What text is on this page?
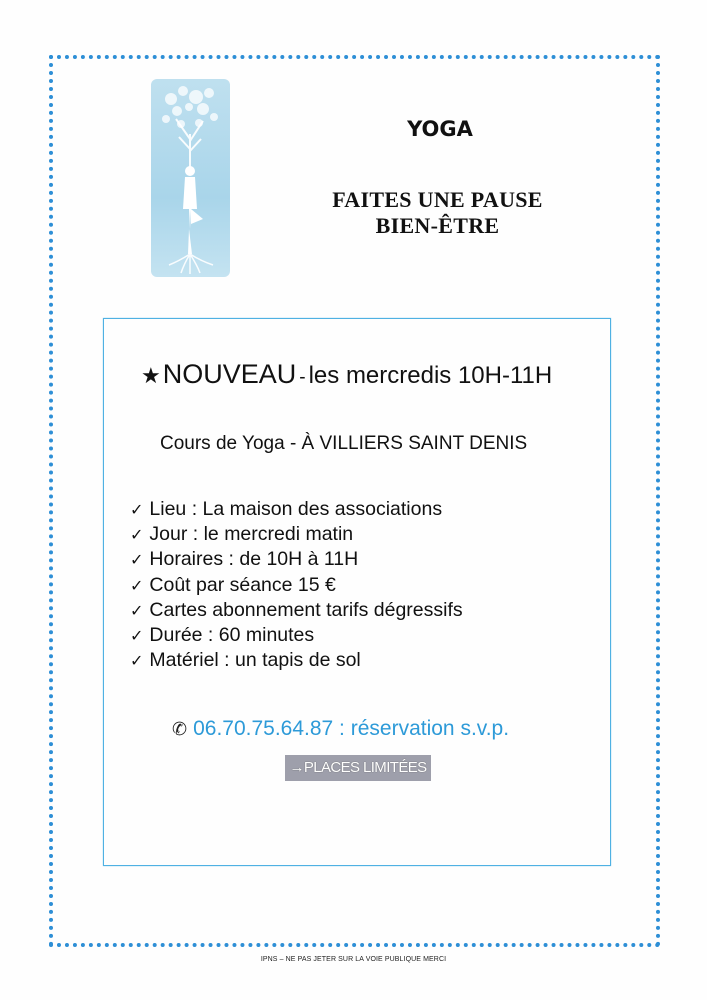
YOGA
FAITES UNE PAUSE
BIEN-ÊTRE
★NOUVEAU - les mercredis 10H-11H
Cours de Yoga - À VILLIERS SAINT DENIS
✓ Lieu : La maison des associations
✓ Jour : le mercredi matin
✓ Horaires : de 10H à 11H
✓ Coût par séance 15 €
✓ Cartes abonnement tarifs dégressifs
✓ Durée : 60 minutes
✓ Matériel : un tapis de sol
✆ 06.70.75.64.87 : réservation s.v.p.
→PLACES LIMITÉES
IPNS – NE PAS JETER SUR LA VOIE PUBLIQUE MERCI
